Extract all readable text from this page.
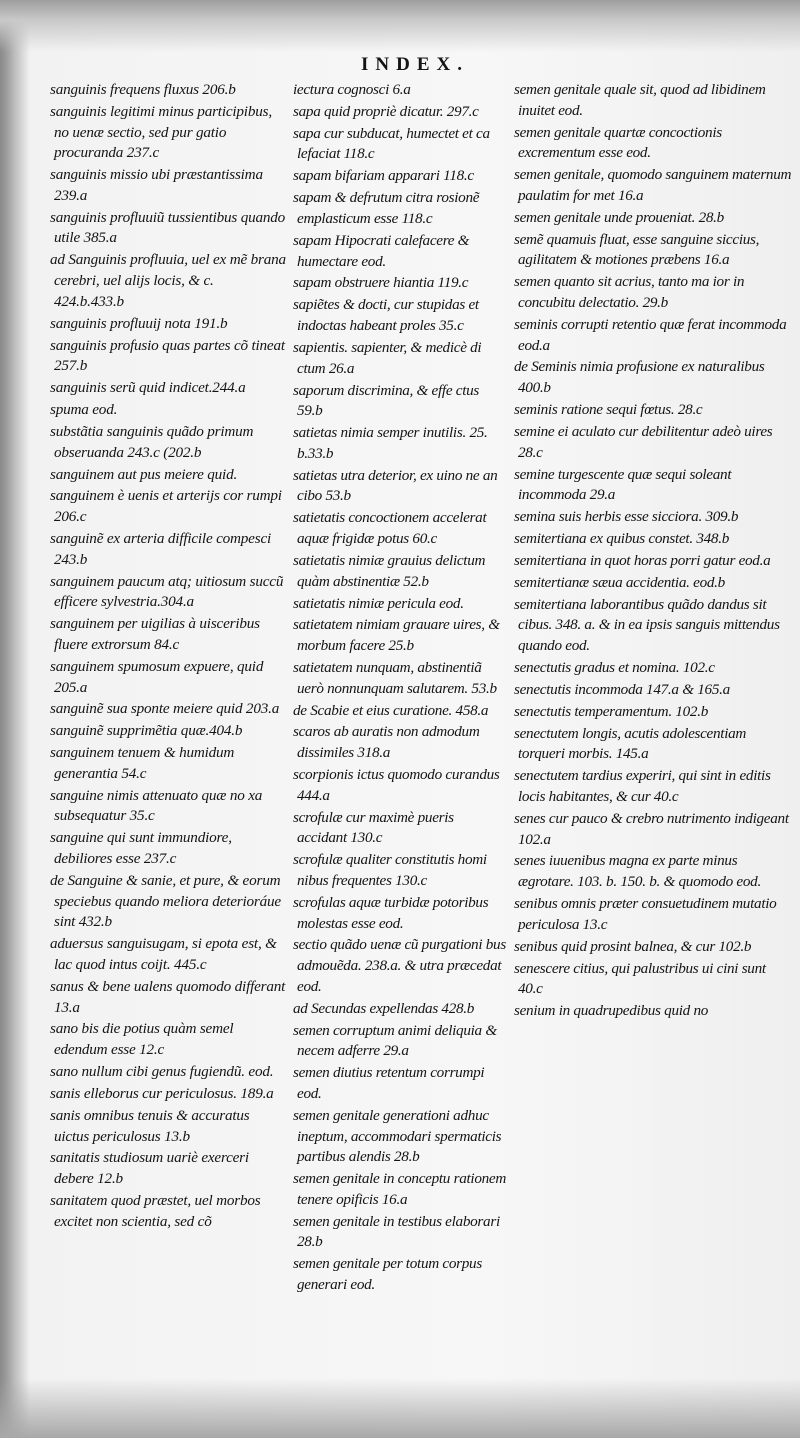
INDEX.
sanguinis frequens fluxus 206.b
sanguinis legitimi minus participibus, no uenæ sectio, sed pur gatio procuranda 237.c
sanguinis missio ubi præstantissima 239.a
sanguinis profluuiũ tussientibus quando utile 385.a
ad Sanguinis profluuia, uel ex mẽ brana cerebri, uel alijs locis, & c. 424.b.433.b
sanguinis profluuij nota 191.b
sanguinis profusio quas partes cõ tineat 257.b
sanguinis serũ quid indicet.244.a
spuma eod.
substãtia sanguinis quãdo primum obseruanda 243.c (202.b
sanguinem aut pus meiere quid.
sanguinem è uenis et arterijs cor rumpi 206.c
sanguinẽ ex arteria difficile compesci 243.b
sanguinem paucum atq; uitiosum succũ efficere sylvestria.304.a
sanguinem per uigilias à uisceribus fluere extrorsum 84.c
sanguinem spumosum expuere, quid 205.a
sanguinẽ sua sponte meiere quid 203.a
sanguinẽ supprimẽtia quæ.404.b
sanguinem tenuem & humidum generantia 54.c
sanguine nimis attenuato quæ no xa subsequatur 35.c
sanguine qui sunt immundiore, debiliores esse 237.c
de Sanguine & sanie, et pure, & eorum speciebus quando meliora deterioráue sint 432.b
aduersus sanguisugam, si epota est, & lac quod intus coijt. 445.c
sanus & bene ualens quomodo differant 13.a
sano bis die potius quàm semel edendum esse 12.c
sano nullum cibi genus fugiendũ. eod.
sanis elleborus cur periculosus. 189.a
sanis omnibus tenuis & accuratus uictus periculosus 13.b
sanitatis studiosum uariè exerceri debere 12.b
sanitatem quod præstet, uel morbos excitet non scientia, sed cõ
iectura cognosci 6.a
sapa quid propriè dicatur. 297.c
sapa cur subducat, humectet et ca lefaciat 118.c
sapam bifariam apparari 118.c
sapam & defrutum citra rosionẽ emplasticum esse 118.c
sapam Hipocrati calefacere & humectare eod.
sapam obstruere hiantia 119.c
sapiẽtes & docti, cur stupidas et indoctas habeant proles 35.c
sapientis. sapienter, & medicè di ctum 26.a
saporum discrimina, & effe ctus 59.b
satietas nimia semper inutilis. 25. b.33.b
satietas utra deterior, ex uino ne an cibo 53.b
satietatis concoctionem accelerat aquæ frigidæ potus 60.c
satietatis nimiæ grauius delictum quàm abstinentiæ 52.b
satietatis nimiæ pericula eod.
satietatem nimiam grauare uires, & morbum facere 25.b
satietatem nunquam, abstinentiã uerò nonnunquam salutarem. 53.b
de Scabie et eius curatione. 458.a
scaros ab auratis non admodum dissimiles 318.a
scorpionis ictus quomodo curandus 444.a
scrofulæ cur maximè pueris accidant 130.c
scrofulæ qualiter constitutis homi nibus frequentes 130.c
scrofulas aquæ turbidæ potoribus molestas esse eod.
sectio quãdo uenæ cũ purgationi bus admouẽda. 238.a. & utra præcedat eod.
ad Secundas expellendas 428.b
semen corruptum animi deliquia & necem adferre 29.a
semen diutius retentum corrumpi eod.
semen genitale generationi adhuc ineptum, accommodari spermaticis partibus alendis 28.b
semen genitale in conceptu rationem tenere opificis 16.a
semen genitale in testibus elaborari 28.b
semen genitale per totum corpus generari eod.
semen genitale quale sit, quod ad libidinem inuitet eod.
semen genitale quartæ concoctionis excrementum esse eod.
semen genitale, quomodo sanguinem maternum paulatim for met 16.a
semen genitale unde proueniat. 28.b
semẽ quamuis fluat, esse sanguine siccius, agilitatem & motiones præbens 16.a
semen quanto sit acrius, tanto ma ior in concubitu delectatio. 29.b
seminis corrupti retentio quæ ferat incommoda eod.a
de Seminis nimia profusione ex naturalibus 400.b
seminis ratione sequi fœtus. 28.c
semine ei aculato cur debilitentur adeò uires 28.c
semine turgescente quæ sequi soleant incommoda 29.a
semina suis herbis esse sicciora. 309.b
semitertiana ex quibus constet. 348.b
semitertiana in quot horas porri gatur eod.a
semitertianæ sæua accidentia. eod.b
semitertiana laborantibus quãdo dandus sit cibus. 348. a. & in ea ipsis sanguis mittendus quando eod.
senectutis gradus et nomina. 102.c
senectutis incommoda 147.a & 165.a
senectutis temperamentum. 102.b
senectutem longis, acutis adolescentiam torqueri morbis. 145.a
senectutem tardius experiri, qui sint in editis locis habitantes, & cur 40.c
senes cur pauco & crebro nutrimento indigeant 102.a
senes iuuenibus magna ex parte minus ægrotare. 103. b. 150. b. & quomodo eod.
senibus omnis præter consuetudinem mutatio periculosa 13.c
senibus quid prosint balnea, & cur 102.b
senescere citius, qui palustribus ui cini sunt 40.c
senium in quadrupedibus quid no
